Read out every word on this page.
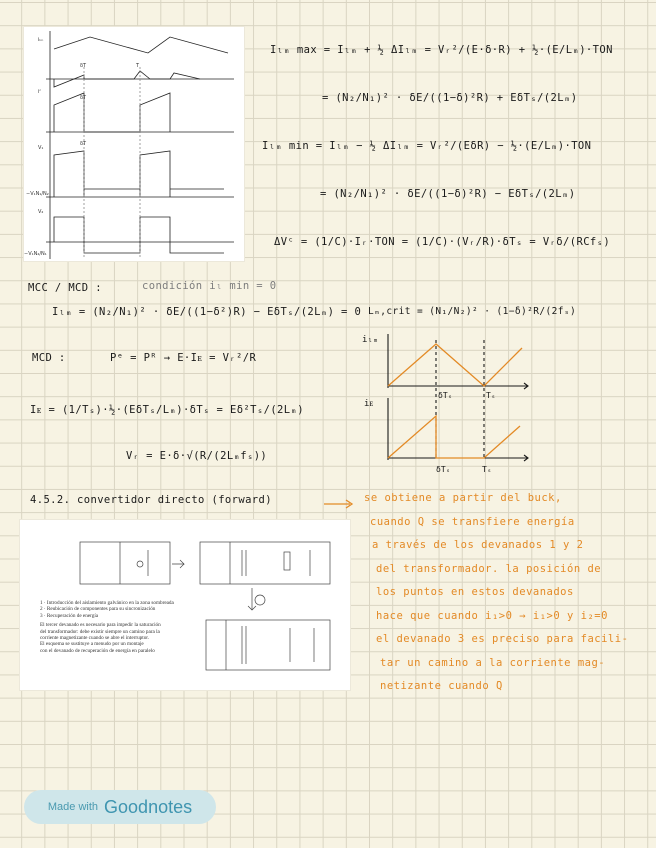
iₗₘ
δT	T
δT
iᶜ
δT
V₁
−V₁N₁/N₂
V₂
−V₁N₂/N₁
Iₗₘ max = Iₗₘ + ½ ΔIₗₘ = Vᵣ²/(E·δ·R) + ½·(E/Lₘ)·TON
= (N₂/N₁)² · δE/((1−δ)²R) + EδTₛ/(2Lₘ)
Iₗₘ min = Iₗₘ − ½ ΔIₗₘ = Vᵣ²/(EδR) − ½·(E/Lₘ)·TON
= (N₂/N₁)² · δE/((1−δ)²R) − EδTₛ/(2Lₘ)
ΔVᶜ = (1/C)·Iᵣ·TON = (1/C)·(Vᵣ/R)·δTₛ = Vᵣδ/(RCfₛ)
MCC / MCD :	condición iₗ min = 0
Iₗₘ = (N₂/N₁)² · δE/((1−δ²)R) − EδTₛ/(2Lₘ) = 0 Lₘ,crit = (N₁/N₂)² · (1−δ)²R/(2fₛ)
MCD :	Pᵉ = Pᴿ → E·Iᴇ = Vᵣ²/R
Iᴇ = (1/Tₛ)·½·(EδTₛ/Lₘ)·δTₛ = Eδ²Tₛ/(2Lₘ)
Vᵣ = E·δ·√(R/(2Lₘfₛ))
iₗₘ
iᴇ
δTₛ	Tₛ
δTₛ	Tₛ
4.5.2. convertidor directo (forward)	se obtiene a partir del buck,
cuando Q se transfiere energía
a través de los devanados 1 y 2
del transformador. la posición de
los puntos en estos devanados
hace que cuando i₁>0 → i₁>0 y i₂=0
el devanado 3 es preciso para facili-
tar un camino a la corriente mag-
netizante cuando ̄Q
1 · Introducción del aislamiento galvánico en la zona sombreada
2 · Reubicación de componentes para su sincronización
3 · Recuperación de energía
El tercer devanado es necesario para impedir la saturación
del transformador: debe existir siempre un camino para la
corriente magnetizante cuando se abre el interruptor.
El esquema se sustituye a menudo por un montaje
con el devanado de recuperación de energía en paralelo
Made with Goodnotes
